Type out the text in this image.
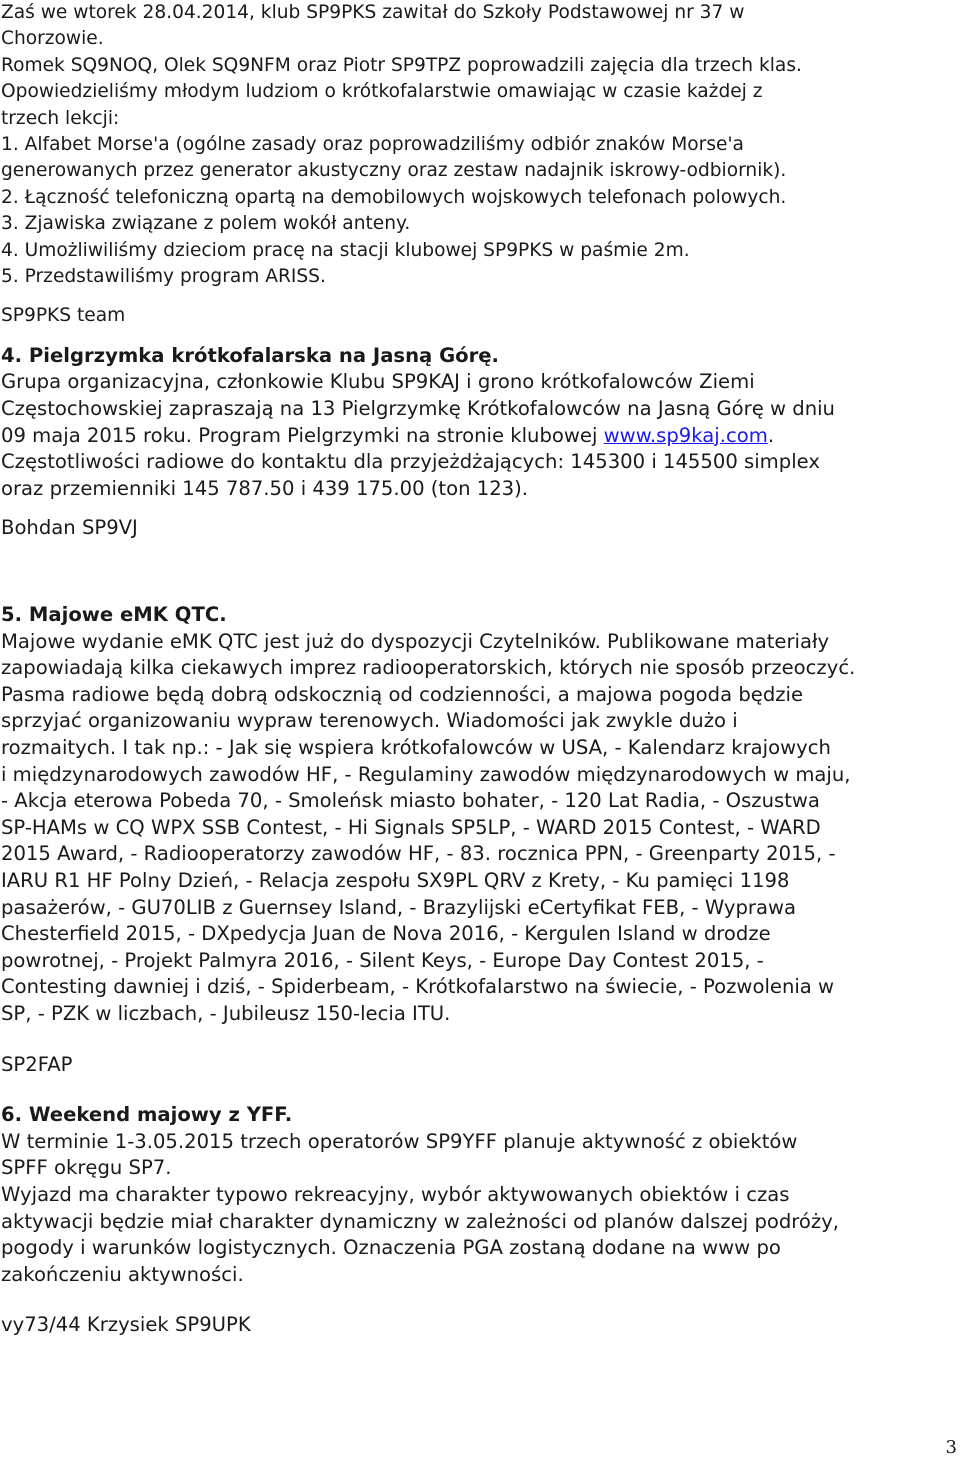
Zaś we wtorek 28.04.2014, klub SP9PKS zawitał do Szkoły Podstawowej nr 37 w

Chorzowie.

Romek SQ9NOQ, Olek SQ9NFM oraz Piotr SP9TPZ poprowadzili zajęcia dla trzech klas.

Opowiedzieliśmy młodym ludziom o krótkofalarstwie omawiając w czasie każdej z

trzech lekcji:

1. Alfabet Morse'a (ogólne zasady oraz poprowadziliśmy odbiór znaków Morse'a

generowanych przez generator akustyczny oraz zestaw nadajnik iskrowy-odbiornik).

2. Łączność telefoniczną opartą na demobilowych wojskowych telefonach polowych.

3. Zjawiska związane z polem wokół anteny.

4. Umożliwiliśmy dzieciom pracę na stacji klubowej SP9PKS w paśmie 2m.

5. Przedstawiliśmy program ARISS.

SP9PKS team

4. Pielgrzymka krótkofalarska na Jasną Górę.

Grupa organizacyjna, członkowie Klubu SP9KAJ i grono krótkofalowców Ziemi

Częstochowskiej zapraszają na 13 Pielgrzymkę Krótkofalowców na Jasną Górę w dniu

09 maja 2015 roku. Program Pielgrzymki na stronie klubowej www.sp9kaj.com.

Częstotliwości radiowe do kontaktu dla przyjeżdżających: 145300 i 145500 simplex

oraz przemienniki 145 787.50 i 439 175.00 (ton 123).

Bohdan SP9VJ

5. Majowe eMK QTC.

Majowe wydanie eMK QTC jest już do dyspozycji Czytelników. Publikowane materiały

zapowiadają kilka ciekawych imprez radiooperatorskich, których nie sposób przeoczyć.

Pasma radiowe będą dobrą odskocznią od codzienności, a majowa pogoda będzie

sprzyjać organizowaniu wypraw terenowych. Wiadomości jak zwykle dużo i

rozmaitych. I tak np.: - Jak się wspiera krótkofalowców w USA, - Kalendarz krajowych

i międzynarodowych zawodów HF, - Regulaminy zawodów międzynarodowych w maju,

- Akcja eterowa Pobeda 70, - Smoleńsk miasto bohater, - 120 Lat Radia, - Oszustwa

SP-HAMs w CQ WPX SSB Contest, - Hi Signals SP5LP, - WARD 2015 Contest, - WARD

2015 Award, - Radiooperatorzy zawodów HF, - 83. rocznica PPN, - Greenparty 2015, -

IARU R1 HF Polny Dzień, - Relacja zespołu SX9PL QRV z Krety, - Ku pamięci 1198

pasażerów, - GU70LIB z Guernsey Island, - Brazylijski eCertyfikat FEB, - Wyprawa

Chesterfield 2015, - DXpedycja Juan de Nova 2016, - Kergulen Island w drodze

powrotnej, - Projekt Palmyra 2016, - Silent Keys, - Europe Day Contest 2015, -

Contesting dawniej i dziś, - Spiderbeam, - Krótkofalarstwo na świecie, - Pozwolenia w

SP, - PZK w liczbach, - Jubileusz 150-lecia ITU.

SP2FAP

6. Weekend majowy z YFF.

W terminie 1-3.05.2015 trzech operatorów SP9YFF planuje aktywność z obiektów

SPFF okręgu SP7.

Wyjazd ma charakter typowo rekreacyjny, wybór aktywowanych obiektów i czas

aktywacji będzie miał charakter dynamiczny w zależności od planów dalszej podróży,

pogody i warunków logistycznych. Oznaczenia PGA zostaną dodane na www po

zakończeniu aktywności.

vy73/44 Krzysiek SP9UPK

3
